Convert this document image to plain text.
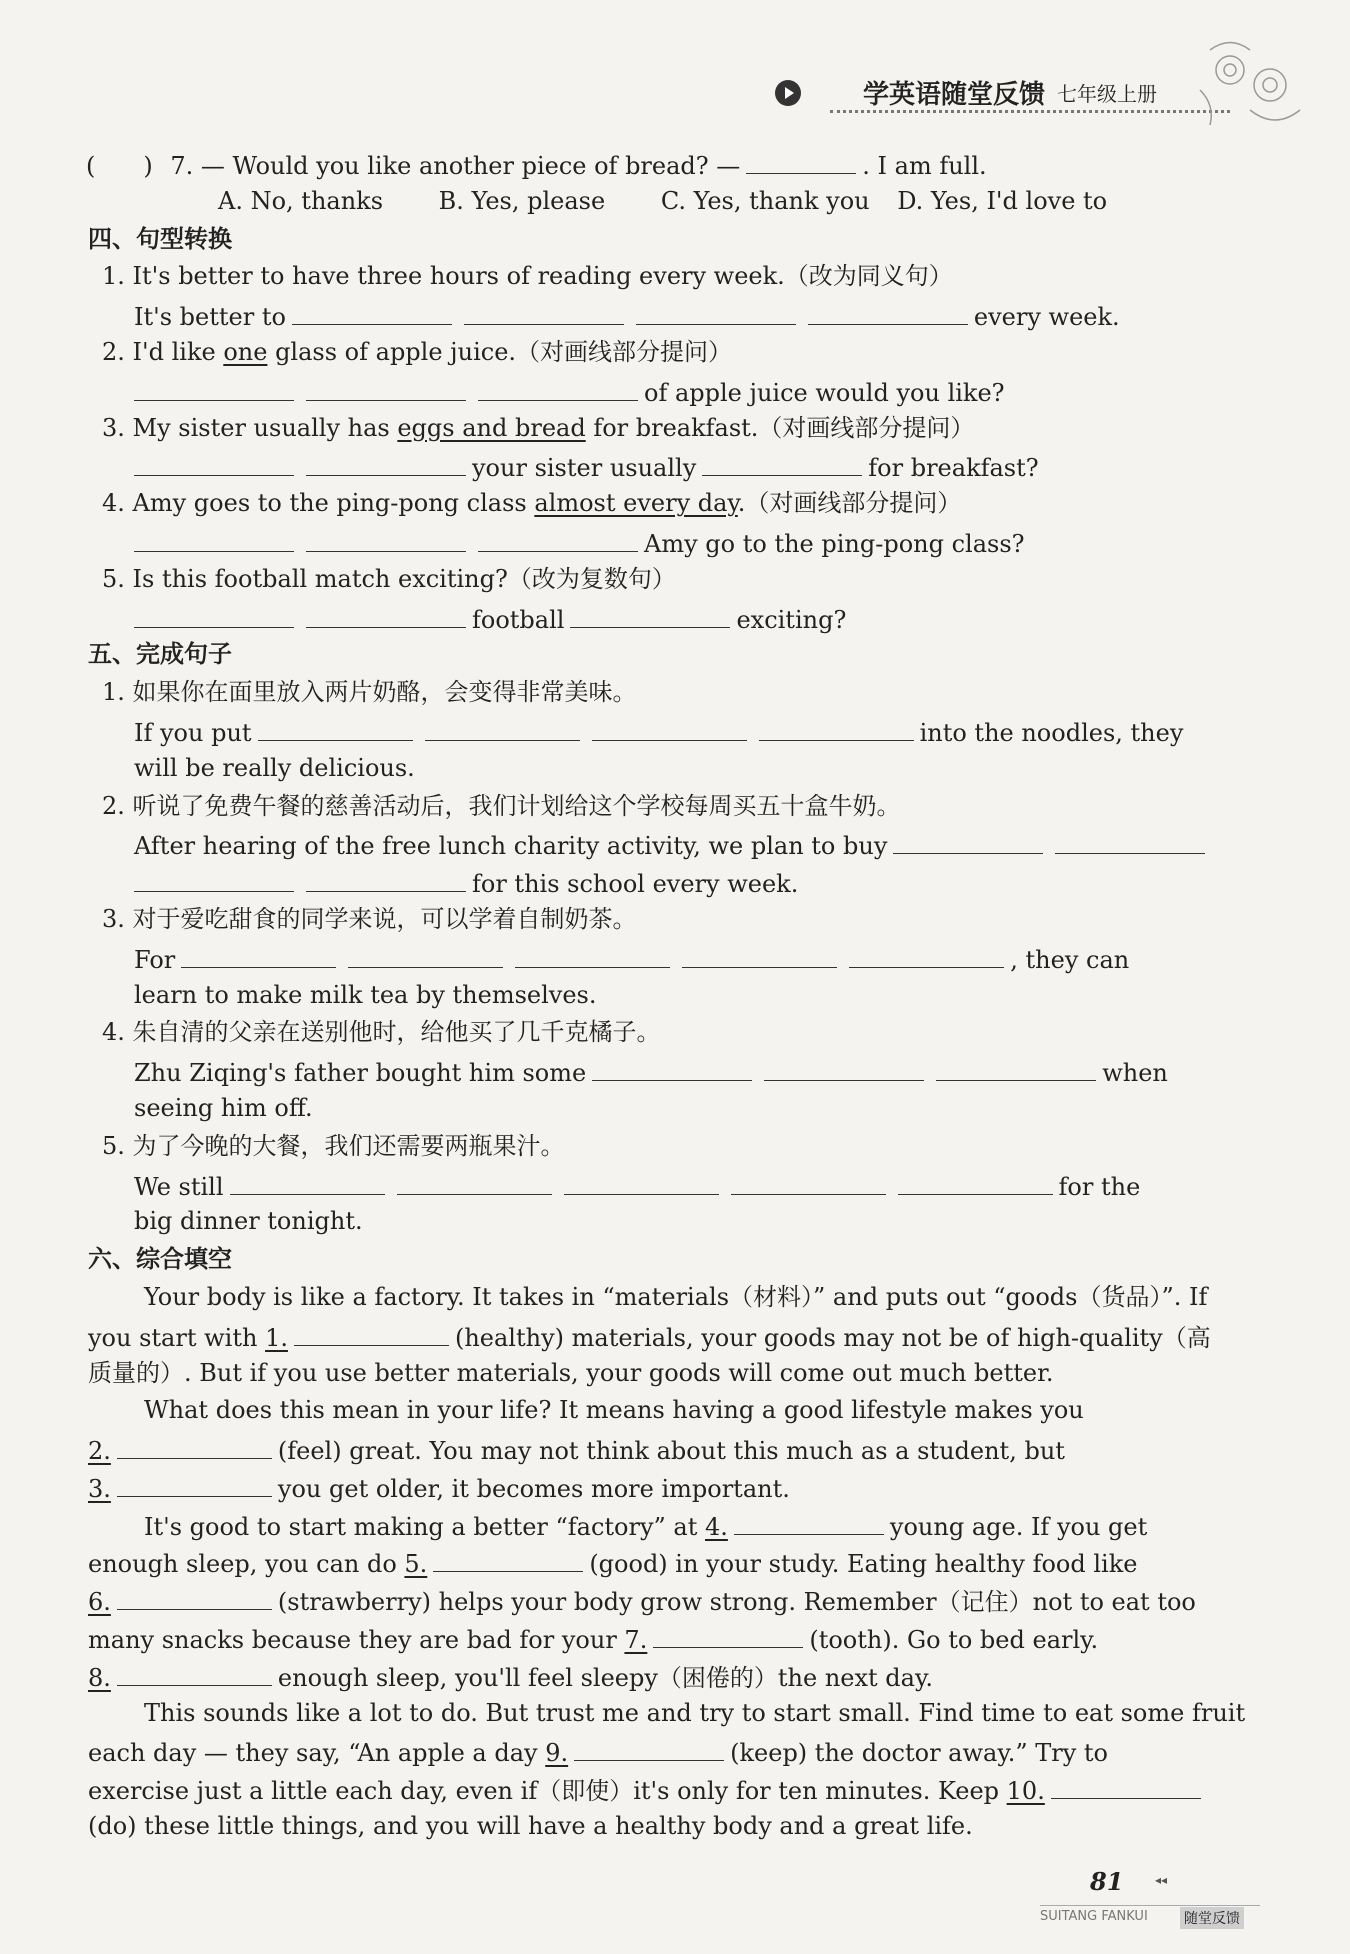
学英语随堂反馈 七年级上册
(　　) 7. — Would you like another piece of bread? —	. I am full.
A. No, thanks B. Yes, please C. Yes, thank you D. Yes, I'd love to
四、句型转换
1. It's better to have three hours of reading every week.（改为同义句）
It's better to	every week.
2. I'd like one glass of apple juice.（对画线部分提问）
of apple juice would you like?
3. My sister usually has eggs and bread for breakfast.（对画线部分提问）
your sister usually	for breakfast?
4. Amy goes to the ping-pong class almost every day.（对画线部分提问）
Amy go to the ping-pong class?
5. Is this football match exciting?（改为复数句）
football	exciting?
五、完成句子
1. 如果你在面里放入两片奶酪，会变得非常美味。
If you put	into the noodles, they
will be really delicious.
2. 听说了免费午餐的慈善活动后，我们计划给这个学校每周买五十盒牛奶。
After hearing of the free lunch charity activity, we plan to buy
for this school every week.
3. 对于爱吃甜食的同学来说，可以学着自制奶茶。
For	, they can
learn to make milk tea by themselves.
4. 朱自清的父亲在送别他时，给他买了几千克橘子。
Zhu Ziqing's father bought him some	when
seeing him off.
5. 为了今晚的大餐，我们还需要两瓶果汁。
We still	for the
big dinner tonight.
六、综合填空
Your body is like a factory. It takes in “materials（材料）” and puts out “goods（货品）”. If
you start with 1.	(healthy) materials, your goods may not be of high-quality（高
质量的）. But if you use better materials, your goods will come out much better.
What does this mean in your life? It means having a good lifestyle makes you
2.	(feel) great. You may not think about this much as a student, but
3.	you get older, it becomes more important.
It's good to start making a better “factory” at 4.	young age. If you get
enough sleep, you can do 5.	(good) in your study. Eating healthy food like
6.	(strawberry) helps your body grow strong. Remember（记住）not to eat too
many snacks because they are bad for your 7.	(tooth). Go to bed early.
8.	enough sleep, you'll feel sleepy（困倦的）the next day.
This sounds like a lot to do. But trust me and try to start small. Find time to eat some fruit
each day — they say, “An apple a day 9.	(keep) the doctor away.” Try to
exercise just a little each day, even if（即使）it's only for ten minutes. Keep 10.
(do) these little things, and you will have a healthy body and a great life.
81	◂◂
SUITANG FANKUI	随堂反馈
